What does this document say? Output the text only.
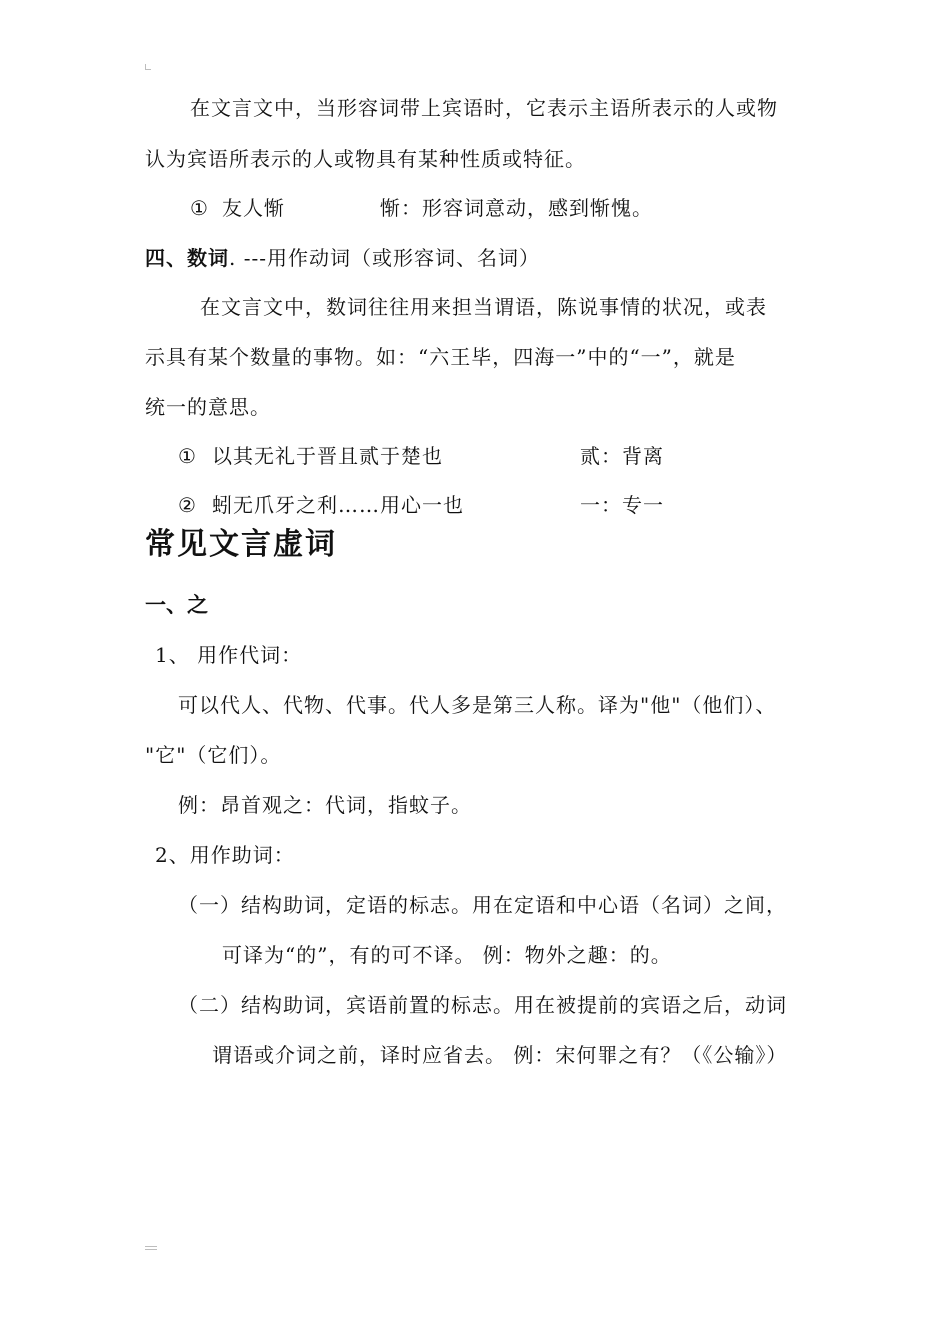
在文言文中，当形容词带上宾语时，它表示主语所表示的人或物
认为宾语所表示的人或物具有某种性质或特征。
① 友人惭	惭：形容词意动，感到惭愧。
四、数词. ---用作动词（或形容词、名词）
在文言文中，数词往往用来担当谓语，陈说事情的状况，或表
示具有某个数量的事物。如：“六王毕，四海一”中的“一”，就是
统一的意思。
① 以其无礼于晋且贰于楚也	贰：背离
② 蚓无爪牙之利……用心一也	一：专一
常见文言虚词
一、之
1、 用作代词：
可以代人、代物、代事。代人多是第三人称。译为"他"（他们）、
"它"（它们）。
例：昂首观之：代词，指蚊子。
2、用作助词：
（一）结构助词，定语的标志。用在定语和中心语（名词）之间，
可译为“的”，有的可不译。 例：物外之趣：的。
（二）结构助词，宾语前置的标志。用在被提前的宾语之后，动词
谓语或介词之前，译时应省去。 例：宋何罪之有？（《公输》）
